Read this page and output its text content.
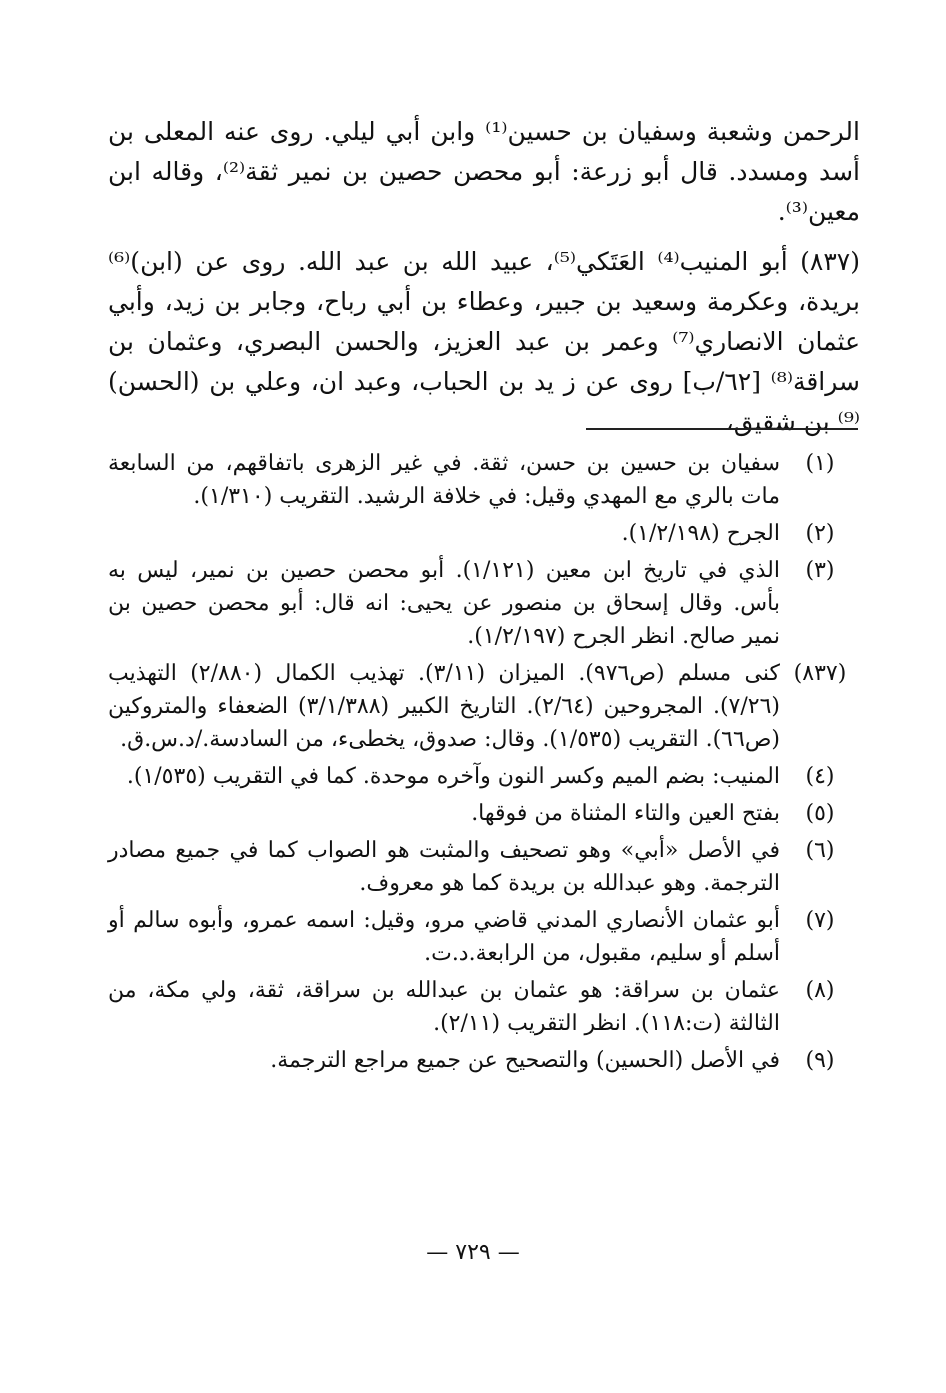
الرحمن وشعبة وسفيان بن حسين⁽¹⁾ وابن أبي ليلي. روى عنه المعلى بن أسد ومسدد. قال أبو زرعة: أبو محصن حصين بن نمير ثقة⁽²⁾، وقاله ابن معين⁽³⁾.

(٨٣٧) أبو المنيب⁽⁴⁾ العَتَكي⁽⁵⁾، عبيد الله بن عبد الله. روى عن (ابن)⁽⁶⁾ بريدة، وعكرمة وسعيد بن جبير، وعطاء بن أبي رباح، وجابر بن زيد، وأبي عثمان الانصاري⁽⁷⁾ وعمر بن عبد العزيز، والحسن البصري، وعثمان بن سراقة⁽⁸⁾ [٦٢/ب] روى عن ز يد بن الحباب، وعبد ان، وعلي بن (الحسن)⁽⁹⁾ بن شقيق،

(١)
سفيان بن حسين بن حسن، ثقة. في غير الزهرى باتفاقهم، من السابعة مات بالري مع المهدي وقيل: في خلافة الرشيد. التقريب (١/٣١٠).
(٢)
الجرح (١/٢/١٩٨).
(٣)
الذي في تاريخ ابن معين (١/١٢١). أبو محصن حصين بن نمير، ليس به بأس. وقال إسحاق بن منصور عن يحيى: انه قال: أبو محصن حصين بن نمير صالح. انظر الجرح (١/٢/١٩٧).
(٨٣٧)
كنى مسلم (ص٩٧٦). الميزان (٣/١١). تهذيب الكمال (٢/٨٨٠) التهذيب (٧/٢٦). المجروحين (٢/٦٤). التاريخ الكبير (٣/١/٣٨٨) الضعفاء والمتروكين (ص٦٦). التقريب (١/٥٣٥). وقال: صدوق، يخطىء، من السادسة./د.س.ق.
(٤)
المنيب: بضم الميم وكسر النون وآخره موحدة. كما في التقريب (١/٥٣٥).
(٥)
بفتح العين والتاء المثناة من فوقها.
(٦)
في الأصل «أبي» وهو تصحيف والمثبت هو الصواب كما في جميع مصادر الترجمة. وهو عبدالله بن بريدة كما هو معروف.
(٧)
أبو عثمان الأنصاري المدني قاضي مرو، وقيل: اسمه عمرو، وأبوه سالم أو أسلم أو سليم، مقبول، من الرابعة.د.ت.
(٨)
عثمان بن سراقة: هو عثمان بن عبدالله بن سراقة، ثقة، ولي مكة، من الثالثة (ت:١١٨). انظر التقريب (٢/١١).
(٩)
في الأصل (الحسين) والتصحيح عن جميع مراجع الترجمة.
— ٧٢٩ —
